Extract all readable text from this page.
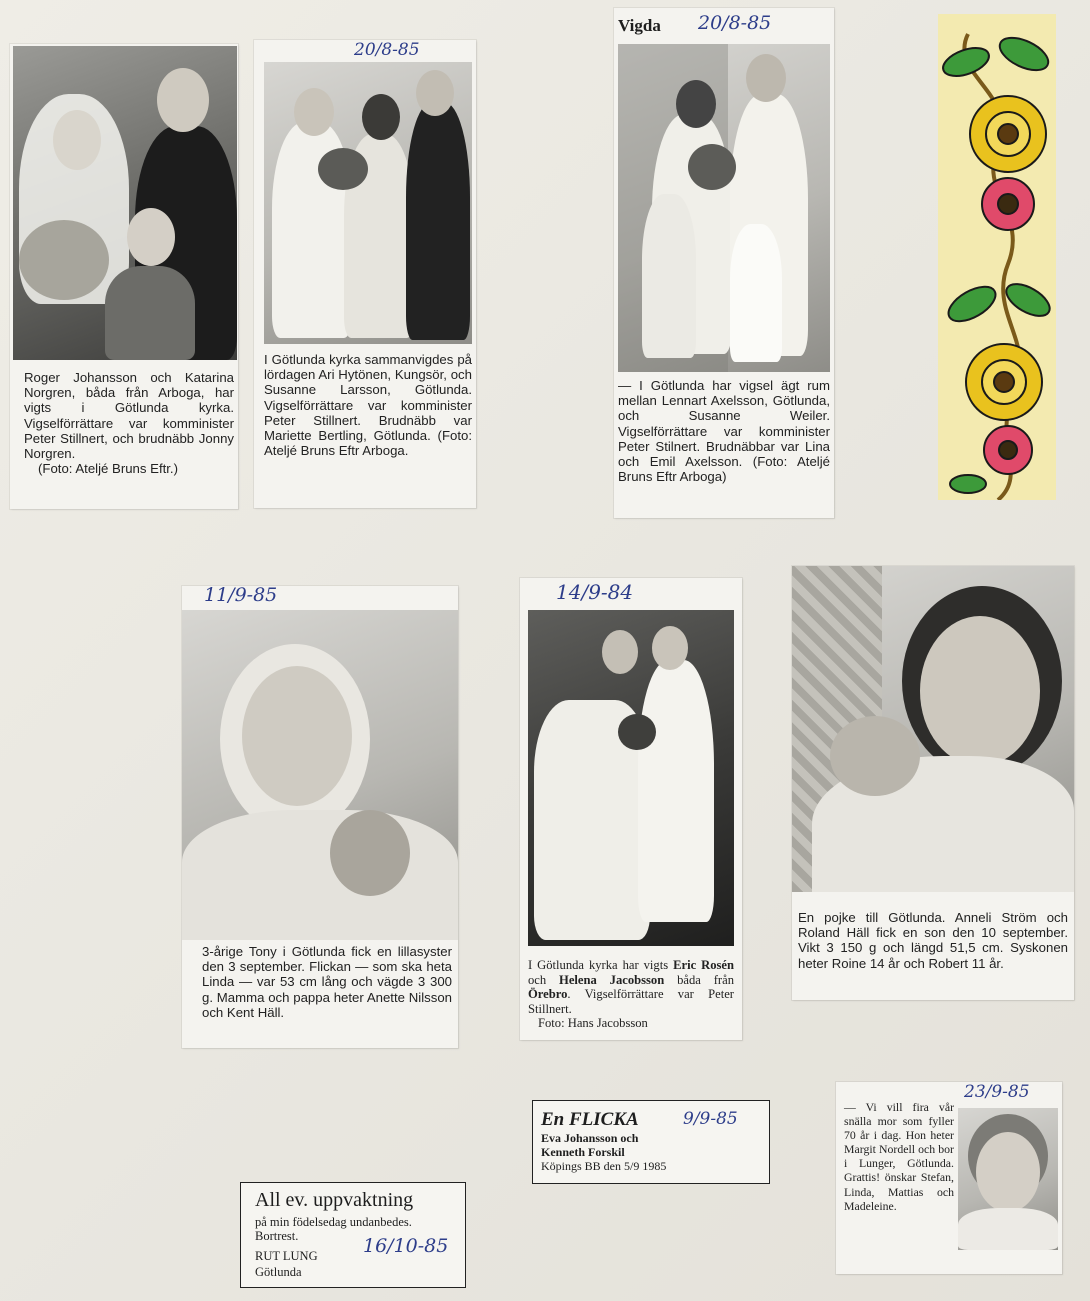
Roger Johansson och Katarina Norgren, båda från Arboga, har vigts i Götlunda kyrka. Vigselförrättare var komminister Peter Stillnert, och brudnäbb Jonny Norgren.
(Foto: Ateljé Bruns Eftr.)
20/8-85
I Götlunda kyrka sammanvigdes på lördagen Ari Hytönen, Kungsör, och Susanne Larsson, Götlunda. Vigselförrättare var komminister Peter Stillnert. Brudnäbb var Mariette Bertling, Götlunda. (Foto: Ateljé Bruns Eftr Arboga.
Vigda 20/8-85
— I Götlunda har vigsel ägt rum mellan Lennart Axelsson, Götlunda, och Susanne Weiler. Vigselförrättare var komminister Peter Stilnert. Brudnäbbar var Lina och Emil Axelsson. (Foto: Ateljé Bruns Eftr Arboga)
11/9-85
3-årige Tony i Götlunda fick en lillasyster den 3 september. Flickan — som ska heta Linda — var 53 cm lång och vägde 3 300 g. Mamma och pappa heter Anette Nilsson och Kent Häll.
14/9-84
I Götlunda kyrka har vigts Eric Rosén och Helena Jacobsson båda från Örebro. Vigselförrättare var Peter Stillnert.
Foto: Hans Jacobsson
En pojke till Götlunda. Anneli Ström och Roland Häll fick en son den 10 september. Vikt 3 150 g och längd 51,5 cm. Syskonen heter Roine 14 år och Robert 11 år.
En FLICKA	9/9-85
Eva Johansson och
Kenneth Forskil
Köpings BB den 5/9 1985
23/9-85
— Vi vill fira vår snälla mor som fyller 70 år i dag. Hon heter Margit Nordell och bor i Lunger, Götlunda. Grattis! önskar Stefan, Linda, Mattias och Madeleine.
All ev. uppvaktning
på min födelsedag undanbedes.
Bortrest.
RUT LUNG
Götlunda
16/10-85
